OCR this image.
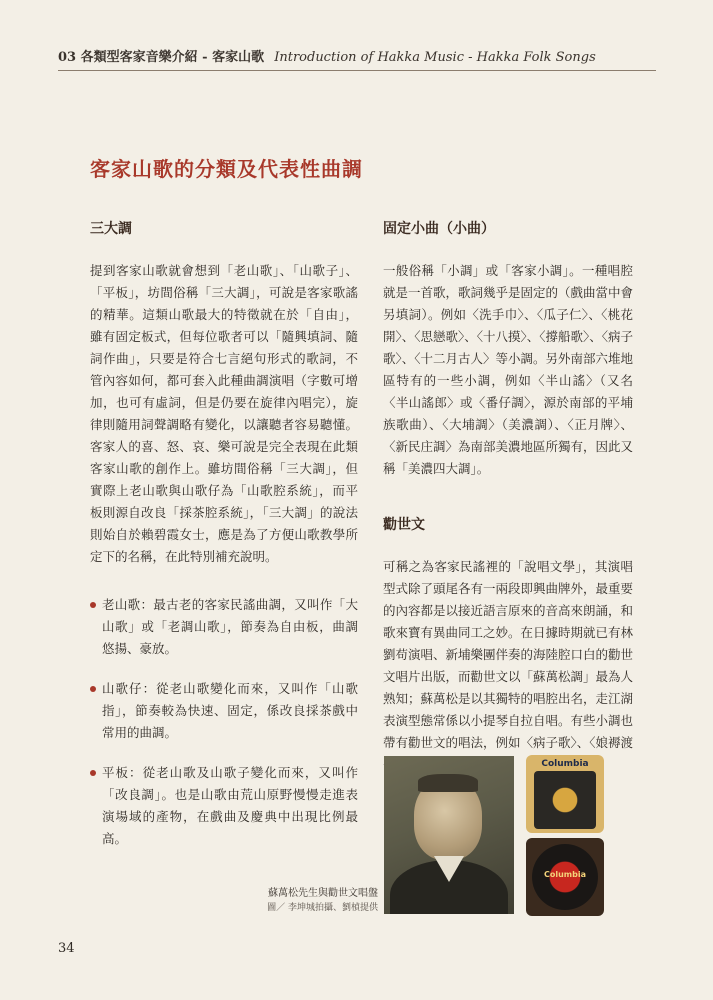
03 各類型客家音樂介紹 - 客家山歌 Introduction of Hakka Music - Hakka Folk Songs
客家山歌的分類及代表性曲調
三大調

提到客家山歌就會想到「老山歌」、「山歌子」、「平板」，坊間俗稱「三大調」，可說是客家歌謠的精華。這類山歌最大的特徵就在於「自由」，雖有固定板式，但每位歌者可以「隨興填詞、隨詞作曲」，只要是符合七言絕句形式的歌詞，不管內容如何，都可套入此種曲調演唱（字數可增加，也可有虛詞，但是仍要在旋律內唱完），旋律則隨用詞聲調略有變化，以讓聽者容易聽懂。客家人的喜、怒、哀、樂可說是完全表現在此類客家山歌的創作上。雖坊間俗稱「三大調」，但實際上老山歌與山歌仔為「山歌腔系統」，而平板則源自改良「採茶腔系統」，「三大調」的說法則始自於賴碧霞女士，應是為了方便山歌教學所定下的名稱，在此特別補充說明。

老山歌：最古老的客家民謠曲調，又叫作「大山歌」或「老調山歌」，節奏為自由板，曲調悠揚、豪放。
山歌仔：從老山歌變化而來，又叫作「山歌指」，節奏較為快速、固定，係改良採茶戲中常用的曲調。
平板：從老山歌及山歌子變化而來，又叫作「改良調」。也是山歌由荒山原野慢慢走進表演場域的產物，在戲曲及慶典中出現比例最高。
固定小曲（小曲）

一般俗稱「小調」或「客家小調」。一種唱腔就是一首歌，歌詞幾乎是固定的（戲曲當中會另填詞）。例如〈洗手巾〉、〈瓜子仁〉、〈桃花開〉、〈思戀歌〉、〈十八摸〉、〈撐船歌〉、〈病子歌〉、〈十二月古人〉等小調。另外南部六堆地區特有的一些小調，例如〈半山謠〉（又名〈半山謠郎〉或〈番仔調〉，源於南部的平埔族歌曲）、〈大埔調〉（美濃調）、〈正月牌〉、〈新民庄調〉為南部美濃地區所獨有，因此又稱「美濃四大調」。

勸世文

可稱之為客家民謠裡的「說唱文學」，其演唱型式除了頭尾各有一兩段即興曲牌外，最重要的內容都是以接近語言原來的音高來朗誦，和歌來寶有異曲同工之妙。在日據時期就已有林劉苟演唱、新埔樂團伴奏的海陸腔口白的勸世文唱片出版，而勸世文以「蘇萬松調」最為人熟知；蘇萬松是以其獨特的唱腔出名，走江湖表演型態常係以小提琴自拉自唱。有些小調也帶有勸世文的唱法，例如〈病子歌〉、〈娘褥渡

Columbia
Columbia
蘇萬松先生與勸世文唱盤
圖／ 李坤城拍攝、劉楨提供
34
